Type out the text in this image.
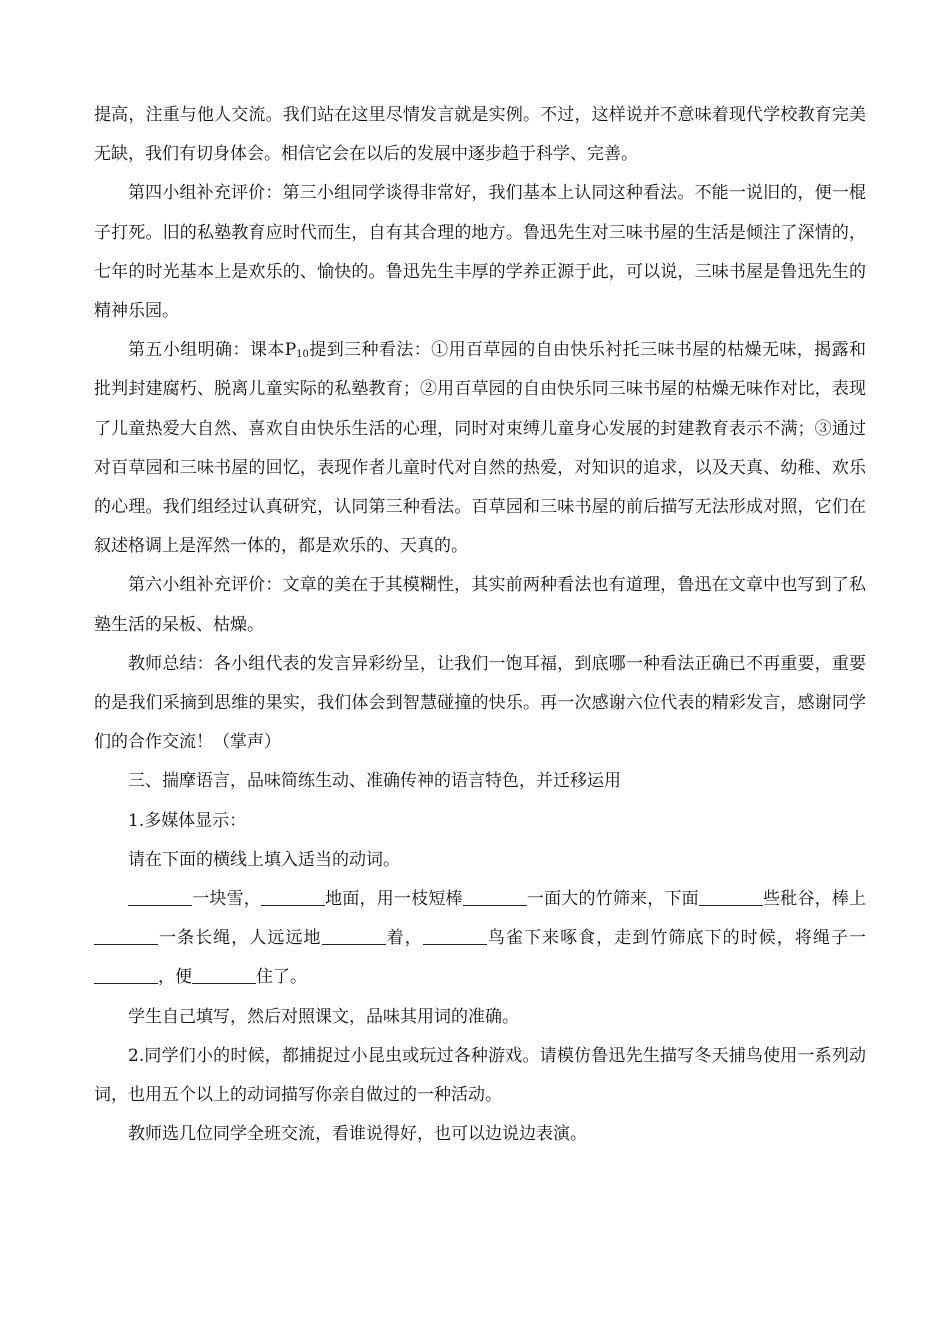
提高，注重与他人交流。我们站在这里尽情发言就是实例。不过，这样说并不意味着现代学校教育完美无缺，我们有切身体会。相信它会在以后的发展中逐步趋于科学、完善。

第四小组补充评价：第三小组同学谈得非常好，我们基本上认同这种看法。不能一说旧的，便一棍子打死。旧的私塾教育应时代而生，自有其合理的地方。鲁迅先生对三味书屋的生活是倾注了深情的，七年的时光基本上是欢乐的、愉快的。鲁迅先生丰厚的学养正源于此，可以说，三味书屋是鲁迅先生的精神乐园。

第五小组明确：课本$P_{10}$提到三种看法：①用百草园的自由快乐衬托三味书屋的枯燥无味，揭露和批判封建腐朽、脱离儿童实际的私塾教育；②用百草园的自由快乐同三味书屋的枯燥无味作对比，表现了儿童热爱大自然、喜欢自由快乐生活的心理，同时对束缚儿童身心发展的封建教育表示不满；③通过对百草园和三味书屋的回忆，表现作者儿童时代对自然的热爱，对知识的追求，以及天真、幼稚、欢乐的心理。我们组经过认真研究，认同第三种看法。百草园和三味书屋的前后描写无法形成对照，它们在叙述格调上是浑然一体的，都是欢乐的、天真的。

第六小组补充评价：文章的美在于其模糊性，其实前两种看法也有道理，鲁迅在文章中也写到了私塾生活的呆板、枯燥。

教师总结：各小组代表的发言异彩纷呈，让我们一饱耳福，到底哪一种看法正确已不再重要，重要的是我们采摘到思维的果实，我们体会到智慧碰撞的快乐。再一次感谢六位代表的精彩发言，感谢同学们的合作交流！（掌声）

三、揣摩语言，品味简练生动、准确传神的语言特色，并迁移运用

1.多媒体显示：

请在下面的横线上填入适当的动词。

一块雪，	地面，用一枝短棒	一面大的竹筛来，下面	些秕谷，棒上一条长绳，人远远地	着，	鸟雀下来啄食，走到竹筛底下的时候，将绳子一，便	住了。

学生自己填写，然后对照课文，品味其用词的准确。

2.同学们小的时候，都捕捉过小昆虫或玩过各种游戏。请模仿鲁迅先生描写冬天捕鸟使用一系列动词，也用五个以上的动词描写你亲自做过的一种活动。

教师选几位同学全班交流，看谁说得好，也可以边说边表演。
